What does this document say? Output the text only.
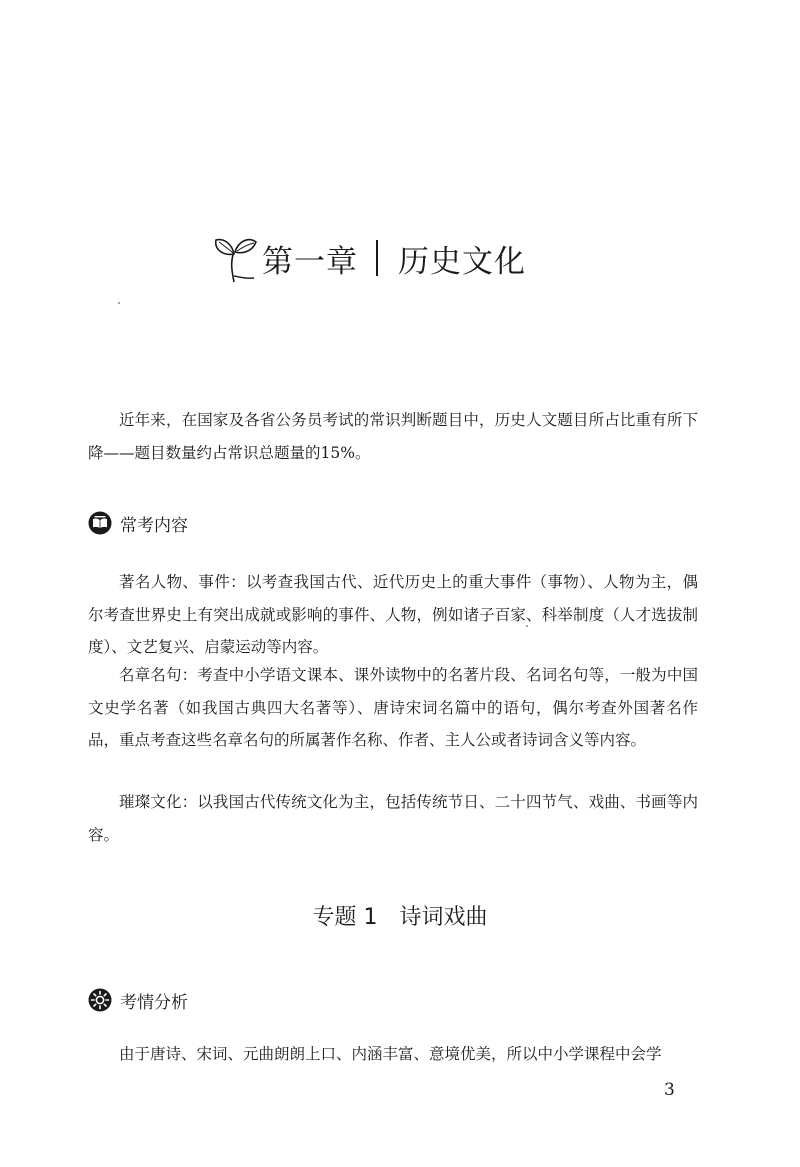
第一章 历史文化

近年来，在国家及各省公务员考试的常识判断题目中，历史人文题目所占比重有所下降——题目数量约占常识总题量的15%。

常考内容

著名人物、事件：以考查我国古代、近代历史上的重大事件（事物）、人物为主，偶尔考查世界史上有突出成就或影响的事件、人物，例如诸子百家、科举制度（人才选拔制度）、文艺复兴、启蒙运动等内容。

名章名句：考查中小学语文课本、课外读物中的名著片段、名词名句等，一般为中国文史学名著（如我国古典四大名著等）、唐诗宋词名篇中的语句，偶尔考查外国著名作品，重点考查这些名章名句的所属著作名称、作者、主人公或者诗词含义等内容。

璀璨文化：以我国古代传统文化为主，包括传统节日、二十四节气、戏曲、书画等内容。

专题 1 诗词戏曲
考情分析

由于唐诗、宋词、元曲朗朗上口、内涵丰富、意境优美，所以中小学课程中会学

3
